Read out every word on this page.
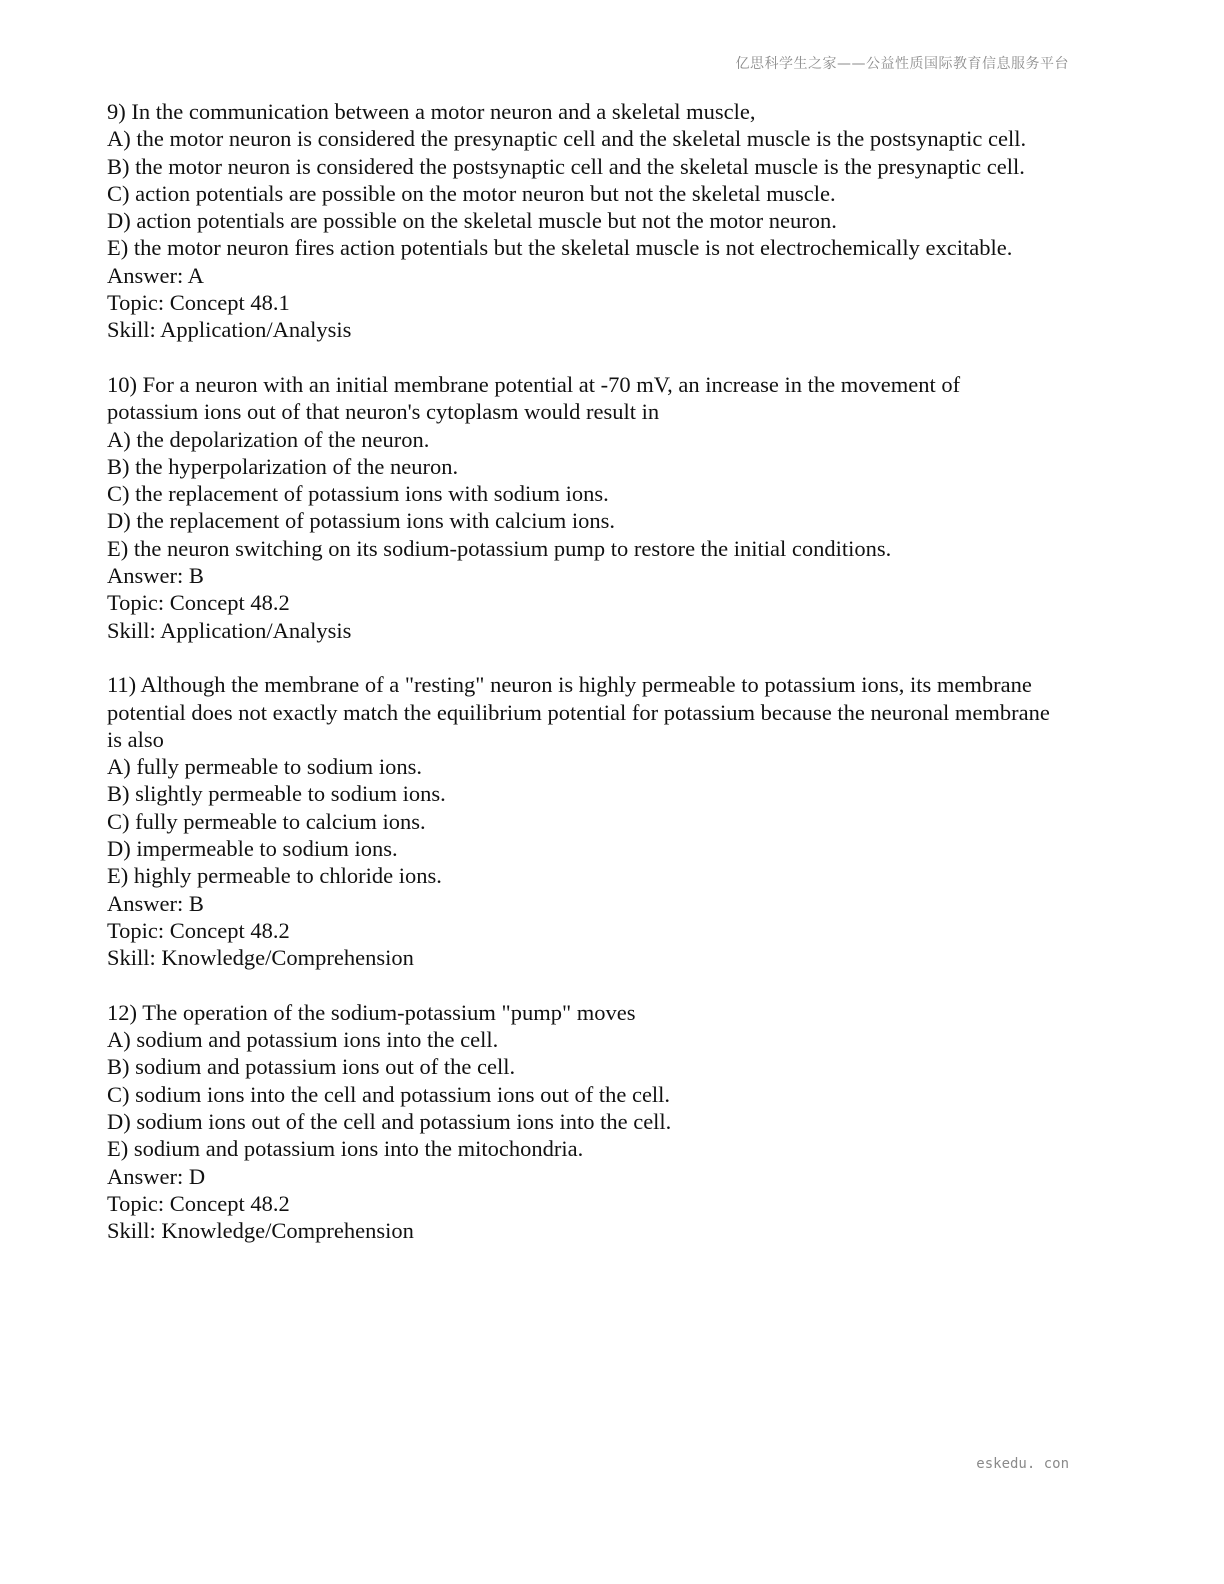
亿思科学生之家——公益性质国际教育信息服务平台
9) In the communication between a motor neuron and a skeletal muscle,
A) the motor neuron is considered the presynaptic cell and the skeletal muscle is the postsynaptic cell.
B) the motor neuron is considered the postsynaptic cell and the skeletal muscle is the presynaptic cell.
C) action potentials are possible on the motor neuron but not the skeletal muscle.
D) action potentials are possible on the skeletal muscle but not the motor neuron.
E) the motor neuron fires action potentials but the skeletal muscle is not electrochemically excitable.
Answer: A
Topic: Concept 48.1
Skill: Application/Analysis
10) For a neuron with an initial membrane potential at -70 mV, an increase in the movement of
potassium ions out of that neuron's cytoplasm would result in
A) the depolarization of the neuron.
B) the hyperpolarization of the neuron.
C) the replacement of potassium ions with sodium ions.
D) the replacement of potassium ions with calcium ions.
E) the neuron switching on its sodium-potassium pump to restore the initial conditions.
Answer: B
Topic: Concept 48.2
Skill: Application/Analysis
11) Although the membrane of a "resting" neuron is highly permeable to potassium ions, its membrane
potential does not exactly match the equilibrium potential for potassium because the neuronal membrane
is also
A) fully permeable to sodium ions.
B) slightly permeable to sodium ions.
C) fully permeable to calcium ions.
D) impermeable to sodium ions.
E) highly permeable to chloride ions.
Answer: B
Topic: Concept 48.2
Skill: Knowledge/Comprehension
12) The operation of the sodium-potassium "pump" moves
A) sodium and potassium ions into the cell.
B) sodium and potassium ions out of the cell.
C) sodium ions into the cell and potassium ions out of the cell.
D) sodium ions out of the cell and potassium ions into the cell.
E) sodium and potassium ions into the mitochondria.
Answer: D
Topic: Concept 48.2
Skill: Knowledge/Comprehension
eskedu. con
